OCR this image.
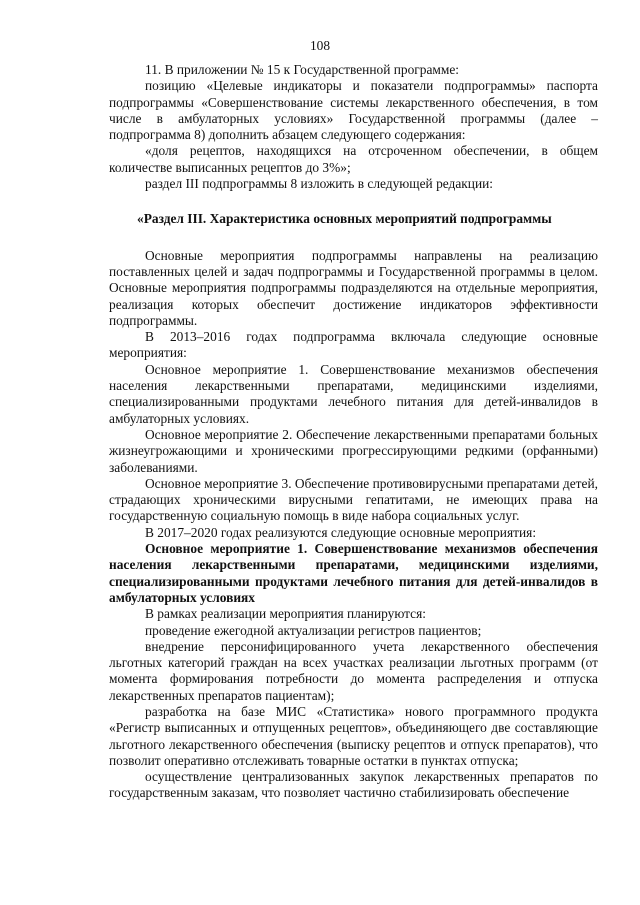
108

11. В приложении № 15 к Государственной программе:

позицию «Целевые индикаторы и показатели подпрограммы» паспорта подпрограммы «Совершенствование системы лекарственного обеспечения, в том числе в амбулаторных условиях» Государственной программы (далее – подпрограмма 8) дополнить абзацем следующего содержания:

«доля рецептов, находящихся на отсроченном обеспечении, в общем количестве выписанных рецептов до 3%»;

раздел III подпрограммы 8 изложить в следующей редакции:

«Раздел III. Характеристика основных мероприятий подпрограммы

Основные мероприятия подпрограммы направлены на реализацию поставленных целей и задач подпрограммы и Государственной программы в целом. Основные мероприятия подпрограммы подразделяются на отдельные мероприятия, реализация которых обеспечит достижение индикаторов эффективности подпрограммы.

В 2013–2016 годах подпрограмма включала следующие основные мероприятия:

Основное мероприятие 1. Совершенствование механизмов обеспечения населения лекарственными препаратами, медицинскими изделиями, специализированными продуктами лечебного питания для детей-инвалидов в амбулаторных условиях.

Основное мероприятие 2. Обеспечение лекарственными препаратами больных жизнеугрожающими и хроническими прогрессирующими редкими (орфанными) заболеваниями.

Основное мероприятие 3. Обеспечение противовирусными препаратами детей, страдающих хроническими вирусными гепатитами, не имеющих права на государственную социальную помощь в виде набора социальных услуг.

В 2017–2020 годах реализуются следующие основные мероприятия:

Основное мероприятие 1. Совершенствование механизмов обеспечения населения лекарственными препаратами, медицинскими изделиями, специализированными продуктами лечебного питания для детей-инвалидов в амбулаторных условиях

В рамках реализации мероприятия планируются:

проведение ежегодной актуализации регистров пациентов;

внедрение персонифицированного учета лекарственного обеспечения льготных категорий граждан на всех участках реализации льготных программ (от момента формирования потребности до момента распределения и отпуска лекарственных препаратов пациентам);

разработка на базе МИС «Статистика» нового программного продукта «Регистр выписанных и отпущенных рецептов», объединяющего две составляющие льготного лекарственного обеспечения (выписку рецептов и отпуск препаратов), что позволит оперативно отслеживать товарные остатки в пунктах отпуска;

осуществление централизованных закупок лекарственных препаратов по государственным заказам, что позволяет частично стабилизировать обеспечение
